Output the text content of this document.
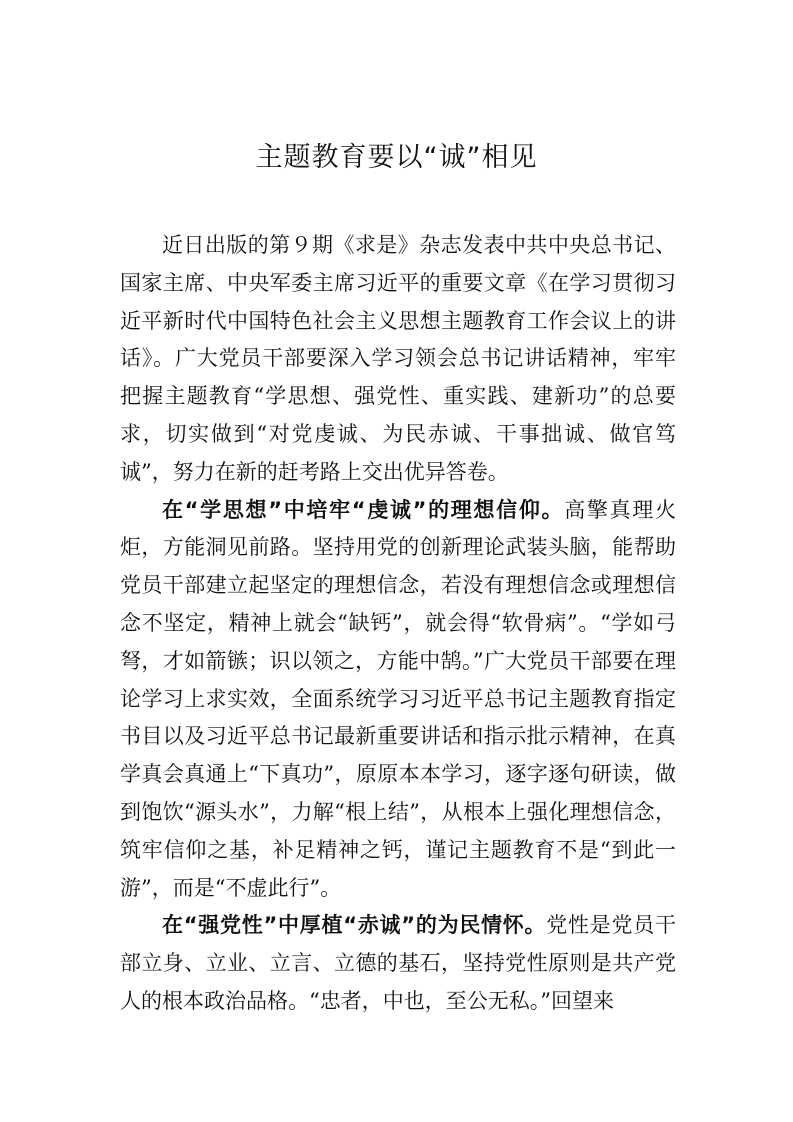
主题教育要以“诚”相见

近日出版的第９期《求是》杂志发表中共中央总书记、国家主席、中央军委主席习近平的重要文章《在学习贯彻习近平新时代中国特色社会主义思想主题教育工作会议上的讲话》。广大党员干部要深入学习领会总书记讲话精神，牢牢把握主题教育“学思想、强党性、重实践、建新功”的总要求，切实做到“对党虔诚、为民赤诚、干事拙诚、做官笃诚”，努力在新的赶考路上交出优异答卷。

在“学思想”中培牢“虔诚”的理想信仰。高擎真理火炬，方能洞见前路。坚持用党的创新理论武装头脑，能帮助党员干部建立起坚定的理想信念，若没有理想信念或理想信念不坚定，精神上就会“缺钙”，就会得“软骨病”。“学如弓弩，才如箭镞；识以领之，方能中鹄。”广大党员干部要在理论学习上求实效，全面系统学习习近平总书记主题教育指定书目以及习近平总书记最新重要讲话和指示批示精神，在真学真会真通上“下真功”，原原本本学习，逐字逐句研读，做到饱饮“源头水”，力解“根上结”，从根本上强化理想信念，筑牢信仰之基，补足精神之钙，谨记主题教育不是“到此一游”，而是“不虚此行”。

在“强党性”中厚植“赤诚”的为民情怀。党性是党员干部立身、立业、立言、立德的基石，坚持党性原则是共产党人的根本政治品格。“忠者，中也，至公无私。”回望来
